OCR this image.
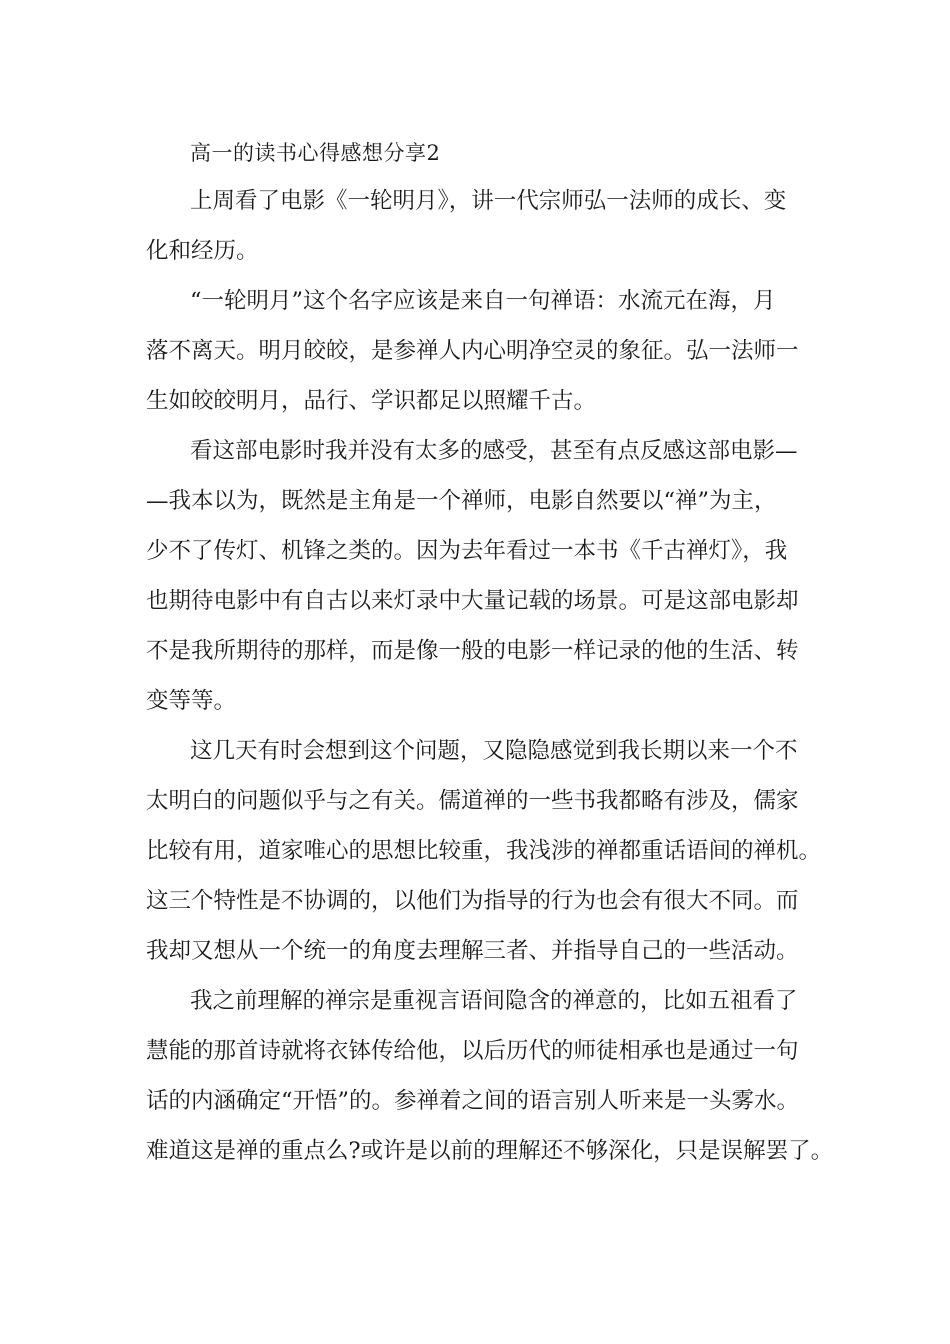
高一的读书心得感想分享2
上周看了电影《一轮明月》，讲一代宗师弘一法师的成长、变
化和经历。
“一轮明月”这个名字应该是来自一句禅语：水流元在海，月
落不离天。明月皎皎，是参禅人内心明净空灵的象征。弘一法师一
生如皎皎明月，品行、学识都足以照耀千古。
看这部电影时我并没有太多的感受，甚至有点反感这部电影—
—我本以为，既然是主角是一个禅师，电影自然要以“禅”为主，
少不了传灯、机锋之类的。因为去年看过一本书《千古禅灯》，我
也期待电影中有自古以来灯录中大量记载的场景。可是这部电影却
不是我所期待的那样，而是像一般的电影一样记录的他的生活、转
变等等。
这几天有时会想到这个问题，又隐隐感觉到我长期以来一个不
太明白的问题似乎与之有关。儒道禅的一些书我都略有涉及，儒家
比较有用，道家唯心的思想比较重，我浅涉的禅都重话语间的禅机。
这三个特性是不协调的，以他们为指导的行为也会有很大不同。而
我却又想从一个统一的角度去理解三者、并指导自己的一些活动。
我之前理解的禅宗是重视言语间隐含的禅意的，比如五祖看了
慧能的那首诗就将衣钵传给他，以后历代的师徒相承也是通过一句
话的内涵确定“开悟”的。参禅着之间的语言别人听来是一头雾水。
难道这是禅的重点么?或许是以前的理解还不够深化，只是误解罢了。
